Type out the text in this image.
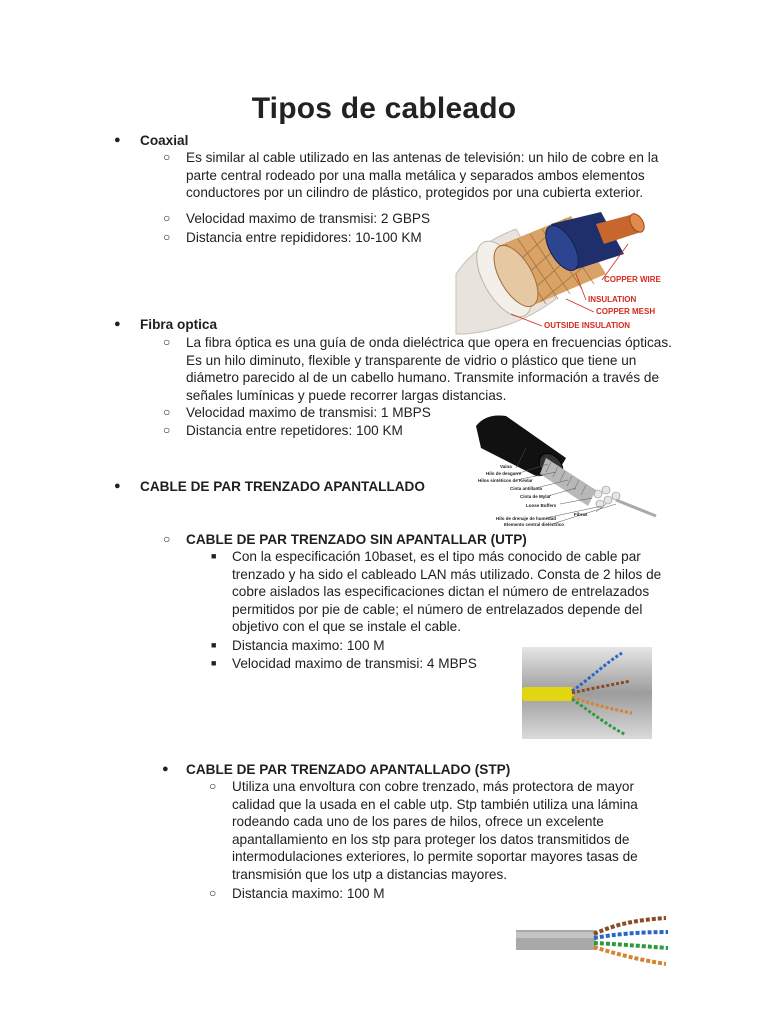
Tipos de cableado
● Coaxial
○ Es similar al cable utilizado en las antenas de televisión: un hilo de cobre en la parte central rodeado por una malla metálica y separados ambos elementos conductores por un cilindro de plástico, protegidos por una cubierta exterior.
○ Velocidad maximo de transmisi: 2 GBPS
○ Distancia entre repididores: 10-100 KM
COPPER WIRE
INSULATION
COPPER MESH
OUTSIDE INSULATION
● Fibra optica
○ La fibra óptica es una guía de onda dieléctrica que opera en frecuencias ópticas. Es un hilo diminuto, flexible y transparente de vidrio o plástico que tiene un diámetro parecido al de un cabello humano. Transmite información a través de señales lumínicas y puede recorrer largas distancias.
○ Velocidad maximo de transmisi: 1 MBPS
○ Distancia entre repetidores: 100 KM
Vaina
Hilo de desgarre
Hilos sintéticos de Kevlar
Cinta antillama
Cinta de Mylar
Loose Buffers
Fibras
Hilo de drenaje de humedad
Elemento central dieléctrico
● CABLE DE PAR TRENZADO APANTALLADO
○ CABLE DE PAR TRENZADO SIN APANTALLAR (UTP)
■ Con la especificación 10baset, es el tipo más conocido de cable par trenzado y ha sido el cableado LAN más utilizado. Consta de 2 hilos de cobre aislados las especificaciones dictan el número de entrelazados permitidos por pie de cable; el número de entrelazados depende del objetivo con el que se instale el cable.
■ Distancia maximo: 100 M
■ Velocidad maximo de transmisi: 4 MBPS
● CABLE DE PAR TRENZADO APANTALLADO (STP)
○ Utiliza una envoltura con cobre trenzado, más protectora de mayor calidad que la usada en el cable utp. Stp también utiliza una lámina rodeando cada uno de los pares de hilos, ofrece un excelente apantallamiento en los stp para proteger los datos transmitidos de intermodulaciones exteriores, lo permite soportar mayores tasas de transmisión que los utp a distancias mayores.
○ Distancia maximo: 100 M
